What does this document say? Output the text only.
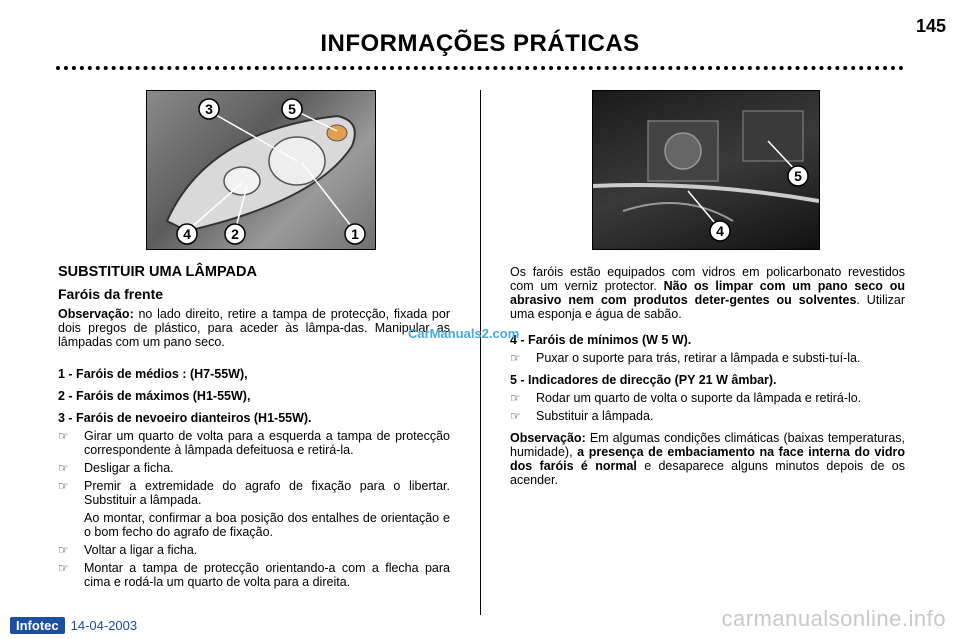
INFORMAÇÕES PRÁTICAS
145
3	5
4	2	1
5
4
SUBSTITUIR UMA LÂMPADA
Faróis da frente

Observação: no lado direito, retire a tampa de protecção, fixada por dois pregos de plástico, para aceder às lâmpa-das. Manipular as lâmpadas com um pano seco.

1 - Faróis de médios : (H7-55W),
2 - Faróis de máximos (H1-55W),
3 - Faróis de nevoeiro dianteiros (H1-55W).
☞	Girar um quarto de volta para a esquerda a tampa de protecção correspondente à lâmpada defeituosa e retirá-la.
☞	Desligar a ficha.
☞	Premir a extremidade do agrafo de fixação para o libertar. Substituir a lâmpada.

Ao montar, confirmar a boa posição dos entalhes de orientação e o bom fecho do agrafo de fixação.

☞	Voltar a ligar a ficha.
☞	Montar a tampa de protecção orientando-a com a flecha para cima e rodá-la um quarto de volta para a direita.

Os faróis estão equipados com vidros em policarbonato revestidos com um verniz protector. Não os limpar com um pano seco ou abrasivo nem com produtos deter-gentes ou solventes. Utilizar uma esponja e água de sabão.

4 - Faróis de mínimos (W 5 W).
☞	Puxar o suporte para trás, retirar a lâmpada e substi-tuí-la.
5 - Indicadores de direcção (PY 21 W âmbar).
☞	Rodar um quarto de volta o suporte da lâmpada e retirá-lo.
☞	Substituir a lâmpada.

Observação: Em algumas condições climáticas (baixas temperaturas, humidade), a presença de embaciamento na face interna do vidro dos faróis é normal e desaparece alguns minutos depois de os acender.

CarManuals2.com
Infotec 14-04-2003	carmanualsonline.info
